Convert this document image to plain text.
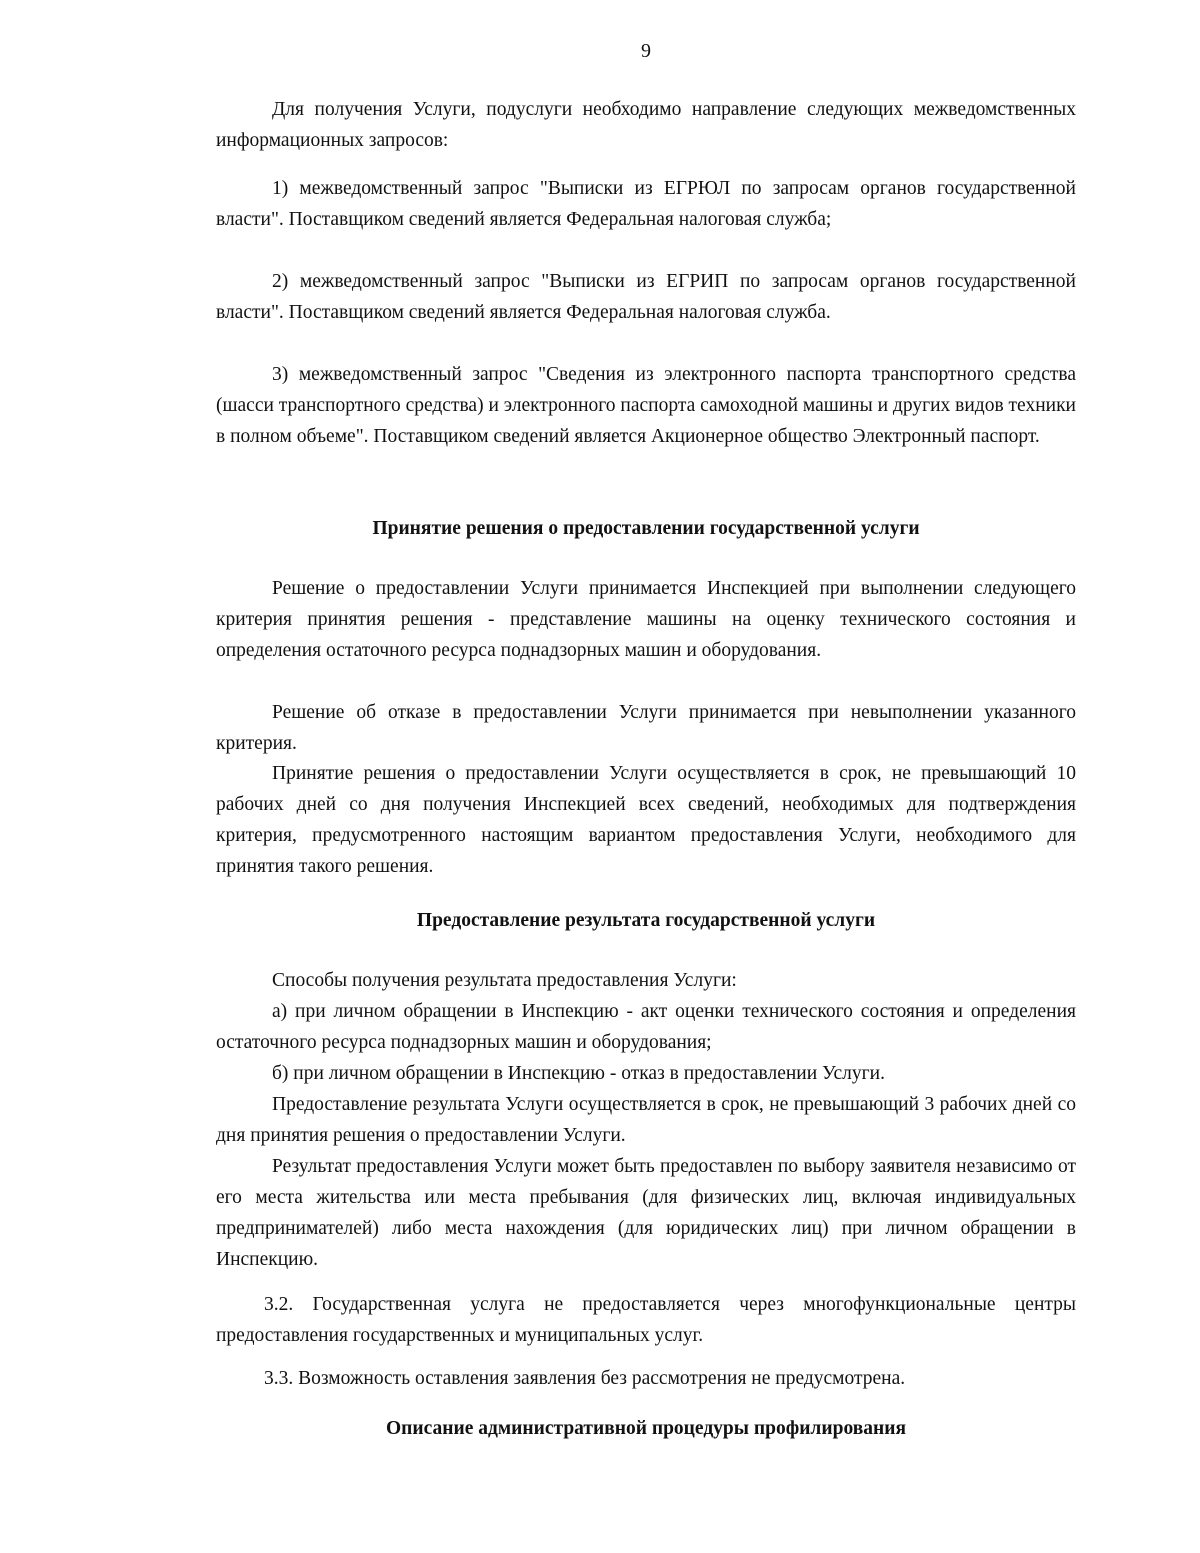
9

Для получения Услуги, подуслуги необходимо направление следующих межведомственных информационных запросов:

1) межведомственный запрос "Выписки из ЕГРЮЛ по запросам органов государственной власти". Поставщиком сведений является Федеральная налоговая служба;

2) межведомственный запрос "Выписки из ЕГРИП по запросам органов государственной власти". Поставщиком сведений является Федеральная налоговая служба.

3) межведомственный запрос "Сведения из электронного паспорта транспортного средства (шасси транспортного средства) и электронного паспорта самоходной машины и других видов техники в полном объеме". Поставщиком сведений является Акционерное общество Электронный паспорт.

Принятие решения о предоставлении государственной услуги

Решение о предоставлении Услуги принимается Инспекцией при выполнении следующего критерия принятия решения - представление машины на оценку технического состояния и определения остаточного ресурса поднадзорных машин и оборудования.

Решение об отказе в предоставлении Услуги принимается при невыполнении указанного критерия.

Принятие решения о предоставлении Услуги осуществляется в срок, не превышающий 10 рабочих дней со дня получения Инспекцией всех сведений, необходимых для подтверждения критерия, предусмотренного настоящим вариантом предоставления Услуги, необходимого для принятия такого решения.

Предоставление результата государственной услуги

Способы получения результата предоставления Услуги:

а) при личном обращении в Инспекцию - акт оценки технического состояния и определения остаточного ресурса поднадзорных машин и оборудования;

б) при личном обращении в Инспекцию - отказ в предоставлении Услуги.

Предоставление результата Услуги осуществляется в срок, не превышающий 3 рабочих дней со дня принятия решения о предоставлении Услуги.

Результат предоставления Услуги может быть предоставлен по выбору заявителя независимо от его места жительства или места пребывания (для физических лиц, включая индивидуальных предпринимателей) либо места нахождения (для юридических лиц) при личном обращении в Инспекцию.

3.2. Государственная услуга не предоставляется через многофункциональные центры предоставления государственных и муниципальных услуг.

3.3. Возможность оставления заявления без рассмотрения не предусмотрена.

Описание административной процедуры профилирования
